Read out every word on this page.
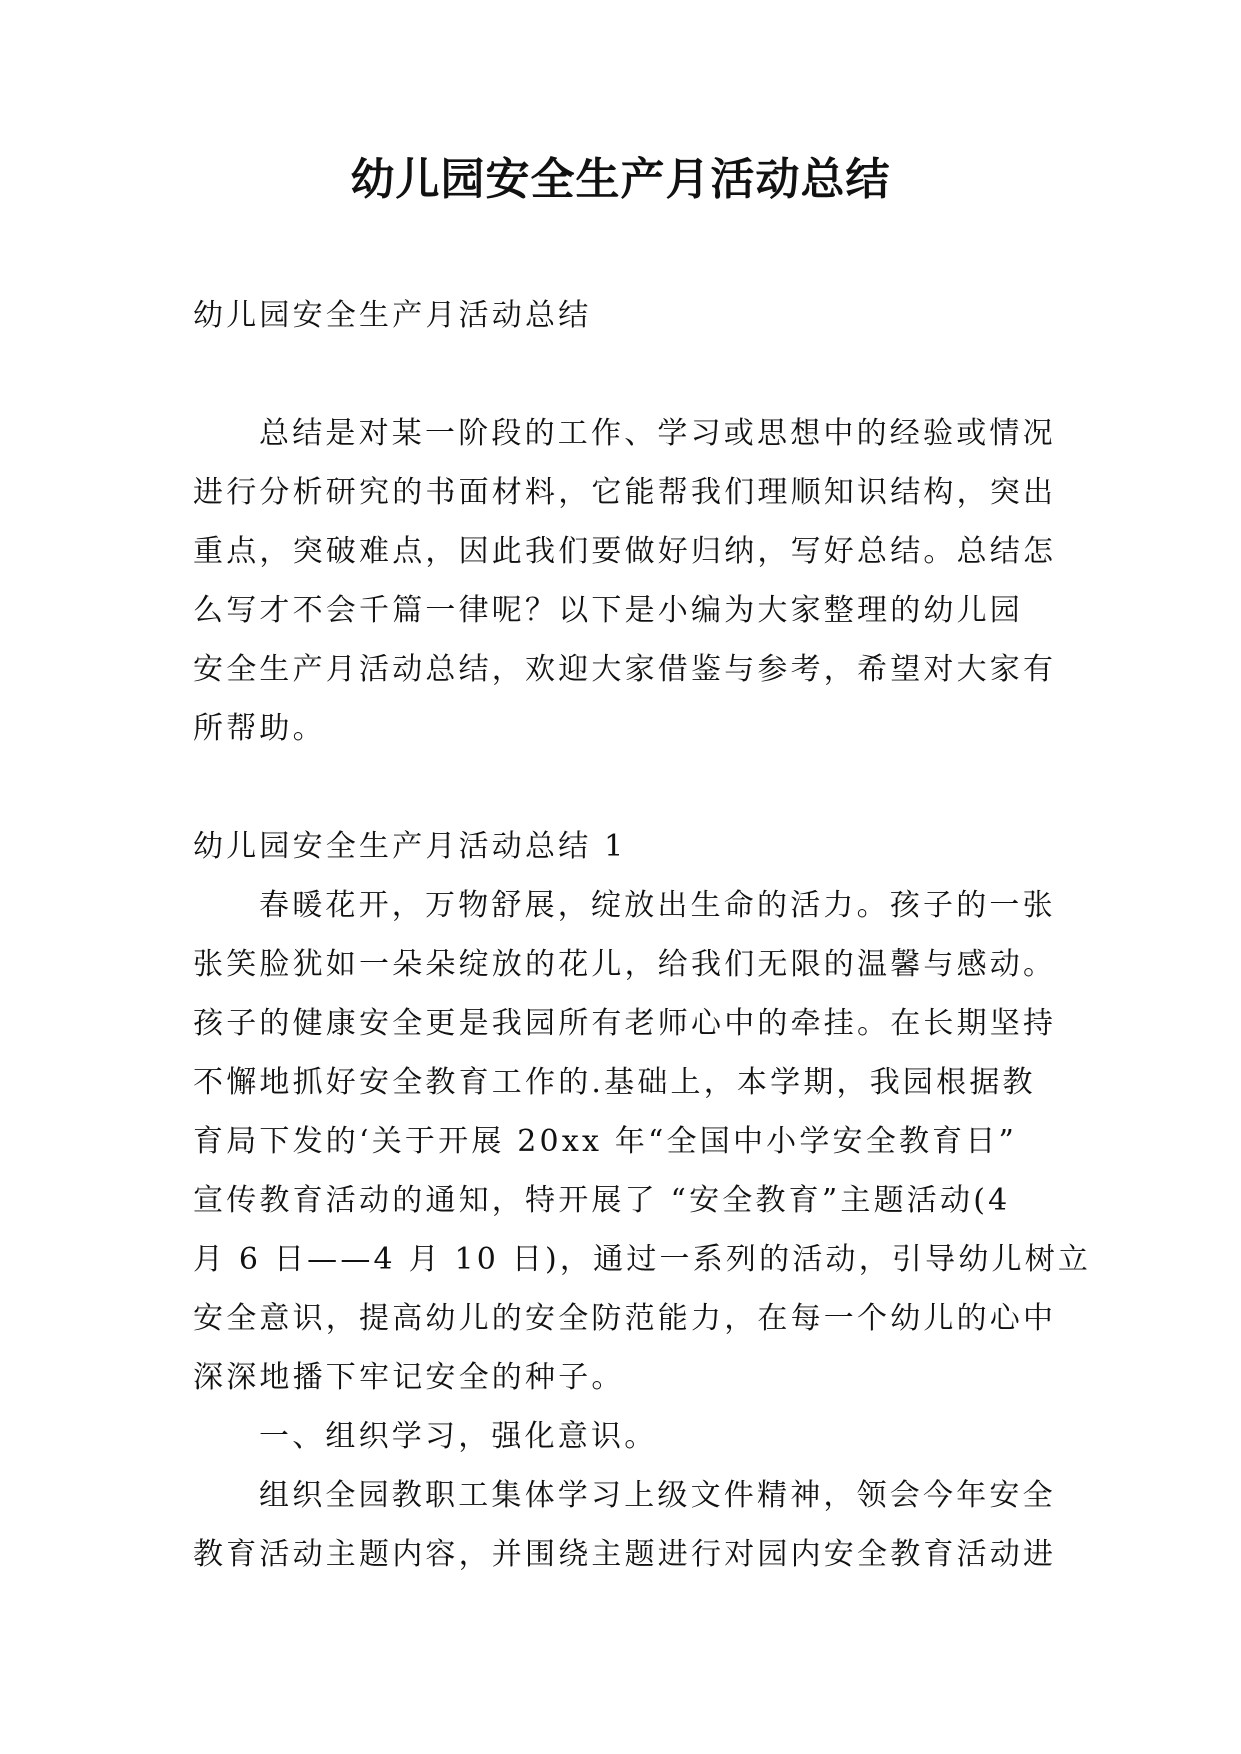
幼儿园安全生产月活动总结
幼儿园安全生产月活动总结
总结是对某一阶段的工作、学习或思想中的经验或情况
进行分析研究的书面材料，它能帮我们理顺知识结构，突出
重点，突破难点，因此我们要做好归纳，写好总结。总结怎
么写才不会千篇一律呢？以下是小编为大家整理的幼儿园
安全生产月活动总结，欢迎大家借鉴与参考，希望对大家有
所帮助。
幼儿园安全生产月活动总结 1
春暖花开，万物舒展，绽放出生命的活力。孩子的一张
张笑脸犹如一朵朵绽放的花儿，给我们无限的温馨与感动。
孩子的健康安全更是我园所有老师心中的牵挂。在长期坚持
不懈地抓好安全教育工作的.基础上，本学期，我园根据教
育局下发的‘关于开展 20xx 年“全国中小学安全教育日”
宣传教育活动的通知，特开展了 “安全教育”主题活动(4
月 6 日——4 月 10 日)，通过一系列的活动，引导幼儿树立
安全意识，提高幼儿的安全防范能力，在每一个幼儿的心中
深深地播下牢记安全的种子。
一、组织学习，强化意识。
组织全园教职工集体学习上级文件精神，领会今年安全
教育活动主题内容，并围绕主题进行对园内安全教育活动进
